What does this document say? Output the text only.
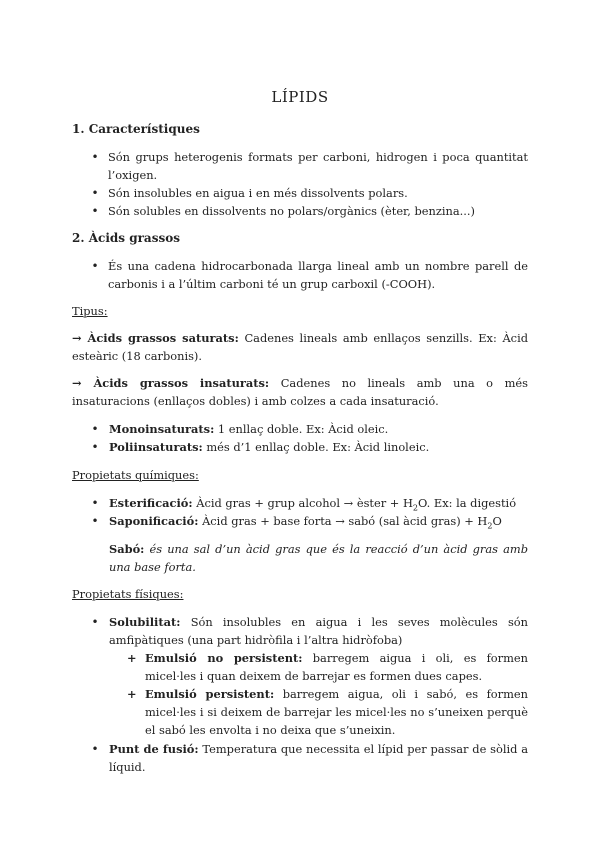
LÍPIDS
1. Característiques
•
Són grups heterogenis formats per carboni, hidrogen i poca quantitat l’oxigen.
•
Són insolubles en aigua i en més dissolvents polars.
•
Són solubles en dissolvents no polars/orgànics (èter, benzina...)
2. Àcids grassos
•
És una cadena hidrocarbonada llarga lineal amb un nombre parell de carbonis i a l’últim carboni té un grup carboxil (-COOH).
Tipus:
→ Àcids grassos saturats: Cadenes lineals amb enllaços senzills. Ex: Àcid esteàric (18 carbonis).
→ Àcids grassos insaturats: Cadenes no lineals amb una o més insaturacions (enllaços dobles) i amb colzes a cada insaturació.
•
Monoinsaturats: 1 enllaç doble. Ex: Àcid oleic.
•
Poliinsaturats: més d’1 enllaç doble. Ex: Àcid linoleic.
Propietats químiques:
•
Esterificació: Àcid gras + grup alcohol → èster + $H_2O$. Ex: la digestió
•
Saponificació: Àcid gras + base forta → sabó (sal àcid gras) + $H_2O$
Sabó: és una sal d’un àcid gras que és la reacció d’un àcid gras amb una base forta.
Propietats físiques:
•
Solubilitat: Són insolubles en aigua i les seves molècules són amfipàtiques (una part hidròfila i l’altra hidròfoba)
+ Emulsió no persistent: barregem aigua i oli, es formen micel·les i quan deixem de barrejar es formen dues capes.
+ Emulsió persistent: barregem aigua, oli i sabó, es formen micel·les i si deixem de barrejar les micel·les no s’uneixen perquè el sabó les envolta i no deixa que s’uneixin.
•
Punt de fusió: Temperatura que necessita el lípid per passar de sòlid a líquid.
